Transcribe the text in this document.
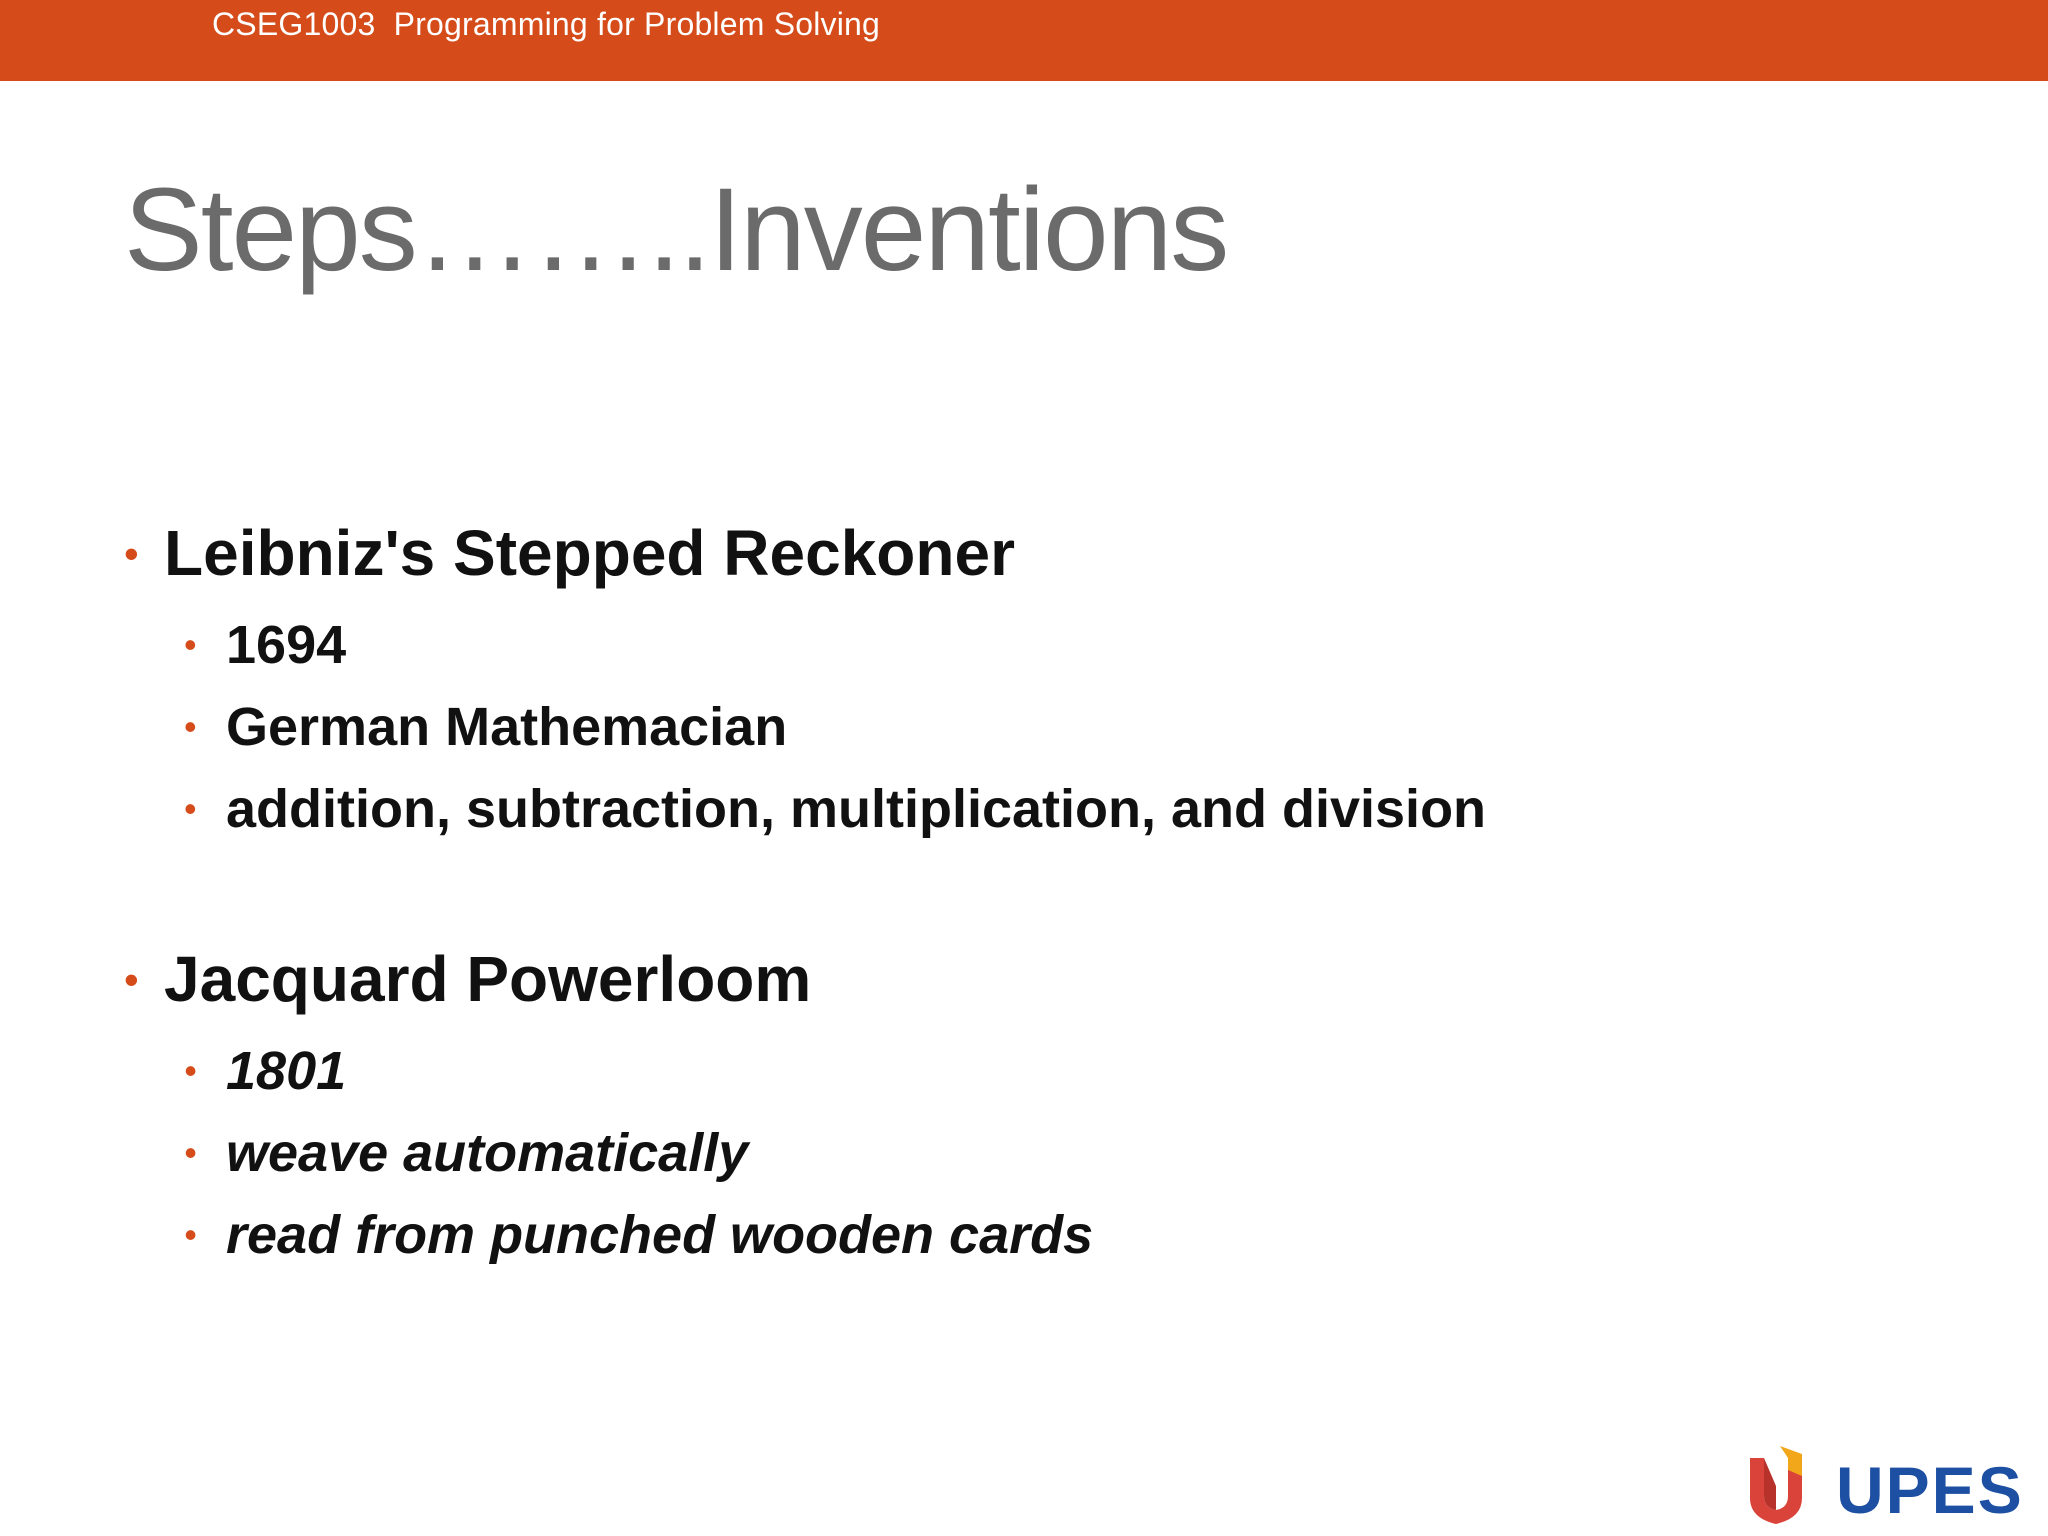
CSEG1003  Programming for Problem Solving
Steps……..Inventions
• Leibniz's Stepped Reckoner
• 1694
• German Mathemacian
• addition, subtraction, multiplication, and division
• Jacquard Powerloom
• 1801
• weave automatically
• read from punched wooden cards
UPES
